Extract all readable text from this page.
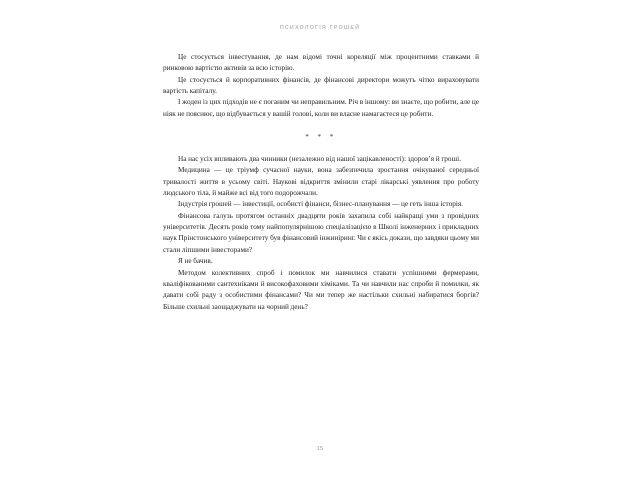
ПСИХОЛОГІЯ ГРОШЕЙ

Це стосується інвестування, де нам відомі точні кореляції між процентними ставками й ринковою вартістю активів за всю історію.

Це стосується й корпоративних фінансів, де фінансові директори можуть чітко вираховувати вартість капіталу.

І жоден із цих підходів не є поганим чи неправильним. Річ в іншому: ви знаєте, що робити, але це ніяк не пояснює, що відбувається у вашій голові, коли ви власне намагаєтеся це робити.

* * *

На нас усіх впливають два чинники (незалежно від нашої зацікавленості): здоров’я й гроші.

Медицина — це тріумф сучасної науки, вона забезпечила зростання очікуваної середньої тривалості життя в усьому світі. Наукові відкриття змінили старі лікарські уявлення про роботу людського тіла, й майже всі від того подорожчали.

Індустрія грошей — інвестиції, особисті фінанси, бізнес-планування — це геть інша історія.

Фінансова галузь протягом останніх двадцяти років захапила собі найкращі уми з провідних університетів. Десять років тому найпопулярнішою спеціалізацією в Школі інженерних і прикладних наук Прінстонського університету був фінансовий інжиніринг. Чи є якісь докази, що завдяки цьому ми стали ліпшими інвесторами?

Я не бачив.

Методом колективних спроб і помилок ми навчилися ставати успішними фермерами, кваліфікованими сантехніками й високофаховими хіміками. Та чи навчили нас спроби й помилки, як давати собі раду з особистими фінансами? Чи ми тепер же настільки схильні набиратися боргів? Більше схильні заощаджувати на чорний день?

15
